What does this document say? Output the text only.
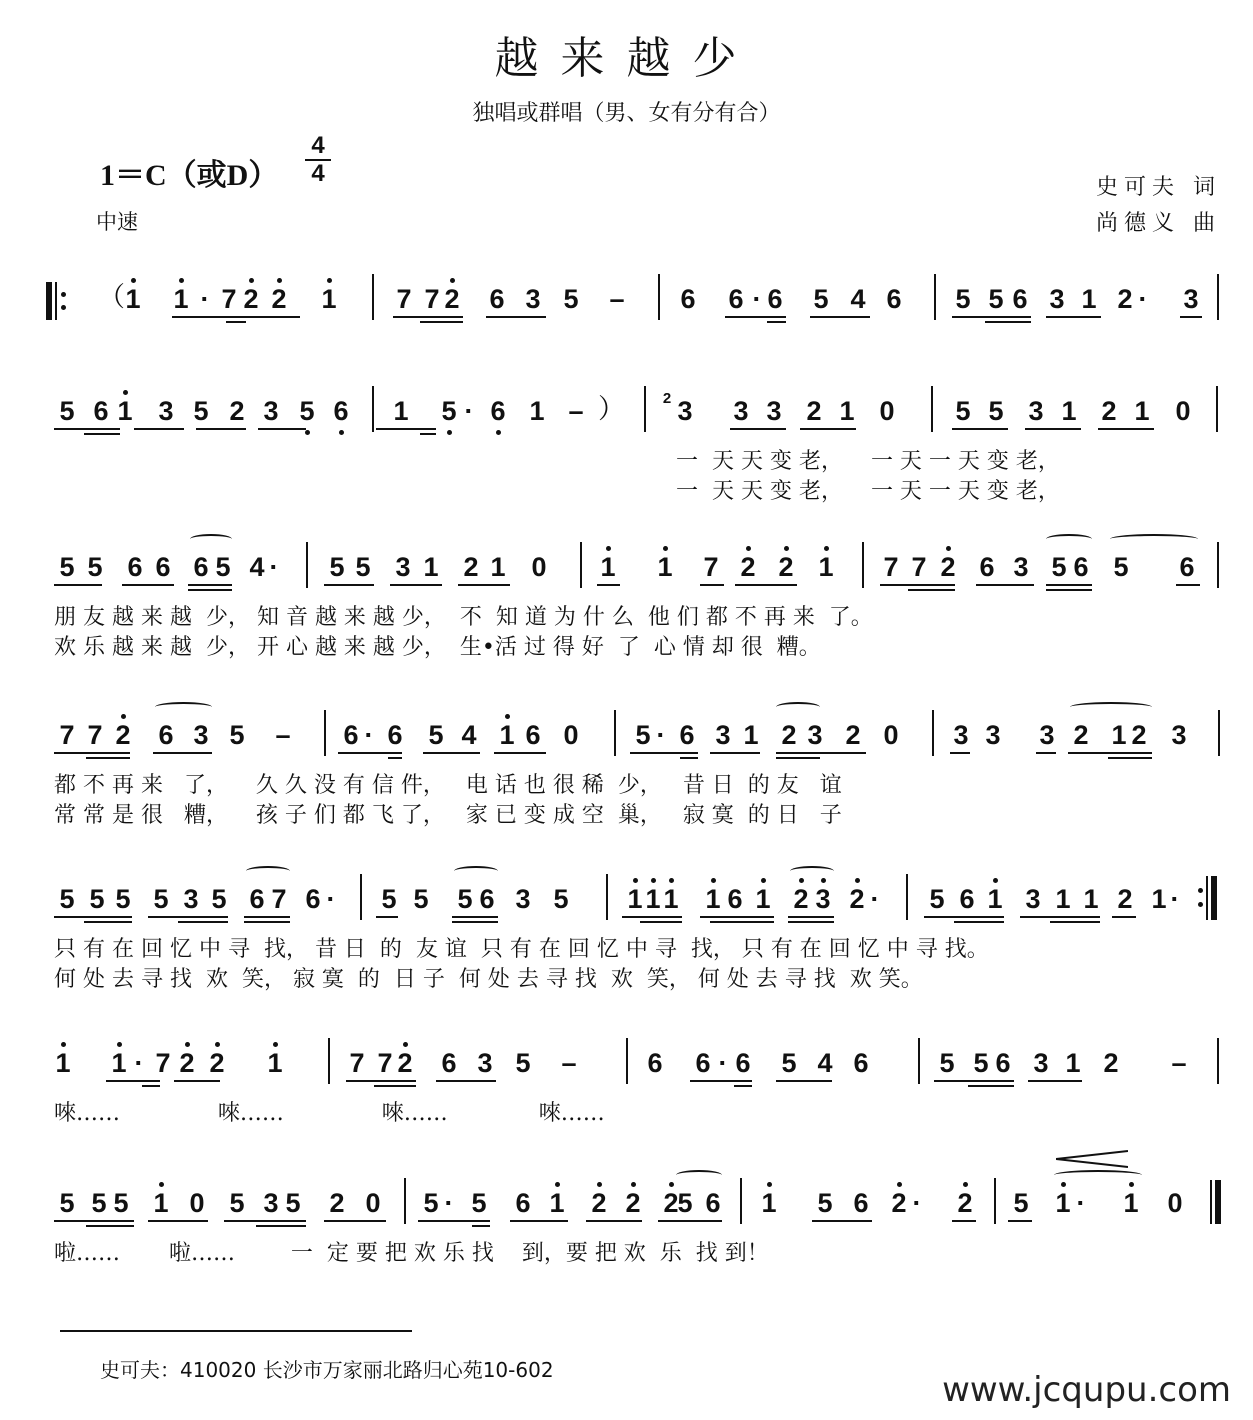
越来越少
独唱或群唱（男、女有分有合）
1＝C（或D）
4
4
中速
史可夫 词
尚德义 曲
（ 1 1 · 7 2 2 1 7 7 2 6 3 5 – 6 6 · 6 5 4 6 5 5 6 3 1 2 · 3
5 6 1 3 5 2 3 5 6 1 5 · 6 1 – ）	2 3 3 3 2 1 0 5 5 3 1 2 1 0
一  天 天 变 老，    一 天 一 天 变 老，
一  天 天 变 老，    一 天 一 天 变 老，
5 5 6 6 6 5 4 · 5 5 3 1 2 1 0 1 1 7 2 2 1 7 7 2 6 3 5 6 5 6
朋 友 越 来 越  少， 知 音 越 来 越 少，  不  知 道 为 什 么  他 们 都 不 再 来  了。
欢 乐 越 来 越  少， 开 心 越 来 越 少，  生•活 过 得 好  了  心 情 却 很  糟。
7 7 2 6 3 5 – 6 · 6 5 4 1 6 0 5 · 6 3 1 2 3 2 0 3 3 3 2 1 2 3
都 不 再 来   了，    久 久 没 有 信 件，   电 话 也 很 稀  少，   昔 日  的 友   谊
常 常 是 很   糟，    孩 子 们 都 飞 了，   家 已 变 成 空  巢，   寂 寞  的 日   子
5 5 5 5 3 5 6 7 6 · 5 5 5 6 3 5 1 1 1 1 6 1 2 3 2 · 5 6 1 3 1 1 2 1 ·
只 有 在 回 忆 中 寻  找， 昔 日  的  友 谊  只 有 在 回 忆 中 寻  找， 只 有 在 回 忆 中 寻 找。
何 处 去 寻 找  欢  笑， 寂 寞  的  日 子  何 处 去 寻 找  欢  笑， 何 处 去 寻 找  欢 笑。
1 1 · 7 2 2 1 7 7 2 6 3 5 –	6 6 · 6 5 4 6	5 5 6 3 1 2 –
唻……              唻……              唻……             唻……
5 5 5 1 0 5 3 5 2 0 5 · 5 6 1 2 2 2
5 6 1 5 6 2 · 2 5 1 · 1 0
啦……       啦……        一  定 要 把 欢 乐 找    到，要 把 欢  乐  找 到！
史可夫：410020 长沙市万家丽北路归心苑10-602	www.jcqupu.com
